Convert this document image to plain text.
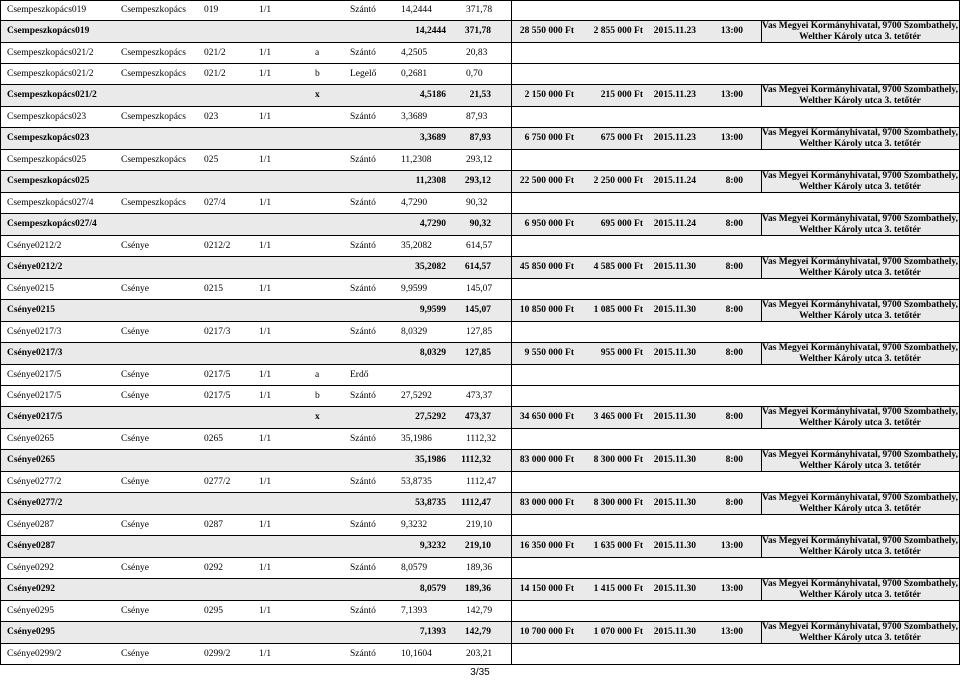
Csempeszkopács019	Csempeszkopács	019	1/1	Szántó	14,2444	371,78
Csempeszkopács019	14,2444	371,78	28 550 000 Ft	2 855 000 Ft	2015.11.23	13:00
Vas Megyei Kormányhivatal, 9700 Szombathely,
Welther Károly utca 3. tetőtér
Csempeszkopács021/2	Csempeszkopács	021/2	1/1	a	Szántó	4,2505	20,83
Csempeszkopács021/2	Csempeszkopács	021/2	1/1	b	Legelő	0,2681	0,70
Csempeszkopács021/2	x	4,5186	21,53	2 150 000 Ft	215 000 Ft	2015.11.23	13:00
Vas Megyei Kormányhivatal, 9700 Szombathely,
Welther Károly utca 3. tetőtér
Csempeszkopács023	Csempeszkopács	023	1/1	Szántó	3,3689	87,93
Csempeszkopács023	3,3689	87,93	6 750 000 Ft	675 000 Ft	2015.11.23	13:00
Vas Megyei Kormányhivatal, 9700 Szombathely,
Welther Károly utca 3. tetőtér
Csempeszkopács025	Csempeszkopács	025	1/1	Szántó	11,2308	293,12
Csempeszkopács025	11,2308	293,12	22 500 000 Ft	2 250 000 Ft	2015.11.24	8:00
Vas Megyei Kormányhivatal, 9700 Szombathely,
Welther Károly utca 3. tetőtér
Csempeszkopács027/4	Csempeszkopács	027/4	1/1	Szántó	4,7290	90,32
Csempeszkopács027/4	4,7290	90,32	6 950 000 Ft	695 000 Ft	2015.11.24	8:00
Vas Megyei Kormányhivatal, 9700 Szombathely,
Welther Károly utca 3. tetőtér
Csénye0212/2	Csénye	0212/2	1/1	Szántó	35,2082	614,57
Csénye0212/2	35,2082	614,57	45 850 000 Ft	4 585 000 Ft	2015.11.30	8:00
Vas Megyei Kormányhivatal, 9700 Szombathely,
Welther Károly utca 3. tetőtér
Csénye0215	Csénye	0215	1/1	Szántó	9,9599	145,07
Csénye0215	9,9599	145,07	10 850 000 Ft	1 085 000 Ft	2015.11.30	8:00
Vas Megyei Kormányhivatal, 9700 Szombathely,
Welther Károly utca 3. tetőtér
Csénye0217/3	Csénye	0217/3	1/1	Szántó	8,0329	127,85
Csénye0217/3	8,0329	127,85	9 550 000 Ft	955 000 Ft	2015.11.30	8:00
Vas Megyei Kormányhivatal, 9700 Szombathely,
Welther Károly utca 3. tetőtér
Csénye0217/5	Csénye	0217/5	1/1	a	Erdő
Csénye0217/5	Csénye	0217/5	1/1	b	Szántó	27,5292	473,37
Csénye0217/5	x	27,5292	473,37	34 650 000 Ft	3 465 000 Ft	2015.11.30	8:00
Vas Megyei Kormányhivatal, 9700 Szombathely,
Welther Károly utca 3. tetőtér
Csénye0265	Csénye	0265	1/1	Szántó	35,1986	1112,32
Csénye0265	35,1986	1112,32	83 000 000 Ft	8 300 000 Ft	2015.11.30	8:00
Vas Megyei Kormányhivatal, 9700 Szombathely,
Welther Károly utca 3. tetőtér
Csénye0277/2	Csénye	0277/2	1/1	Szántó	53,8735	1112,47
Csénye0277/2	53,8735	1112,47	83 000 000 Ft	8 300 000 Ft	2015.11.30	8:00
Vas Megyei Kormányhivatal, 9700 Szombathely,
Welther Károly utca 3. tetőtér
Csénye0287	Csénye	0287	1/1	Szántó	9,3232	219,10
Csénye0287	9,3232	219,10	16 350 000 Ft	1 635 000 Ft	2015.11.30	13:00
Vas Megyei Kormányhivatal, 9700 Szombathely,
Welther Károly utca 3. tetőtér
Csénye0292	Csénye	0292	1/1	Szántó	8,0579	189,36
Csénye0292	8,0579	189,36	14 150 000 Ft	1 415 000 Ft	2015.11.30	13:00
Vas Megyei Kormányhivatal, 9700 Szombathely,
Welther Károly utca 3. tetőtér
Csénye0295	Csénye	0295	1/1	Szántó	7,1393	142,79
Csénye0295	7,1393	142,79	10 700 000 Ft	1 070 000 Ft	2015.11.30	13:00
Vas Megyei Kormányhivatal, 9700 Szombathely,
Welther Károly utca 3. tetőtér
Csénye0299/2	Csénye	0299/2	1/1	Szántó	10,1604	203,21
3/35
